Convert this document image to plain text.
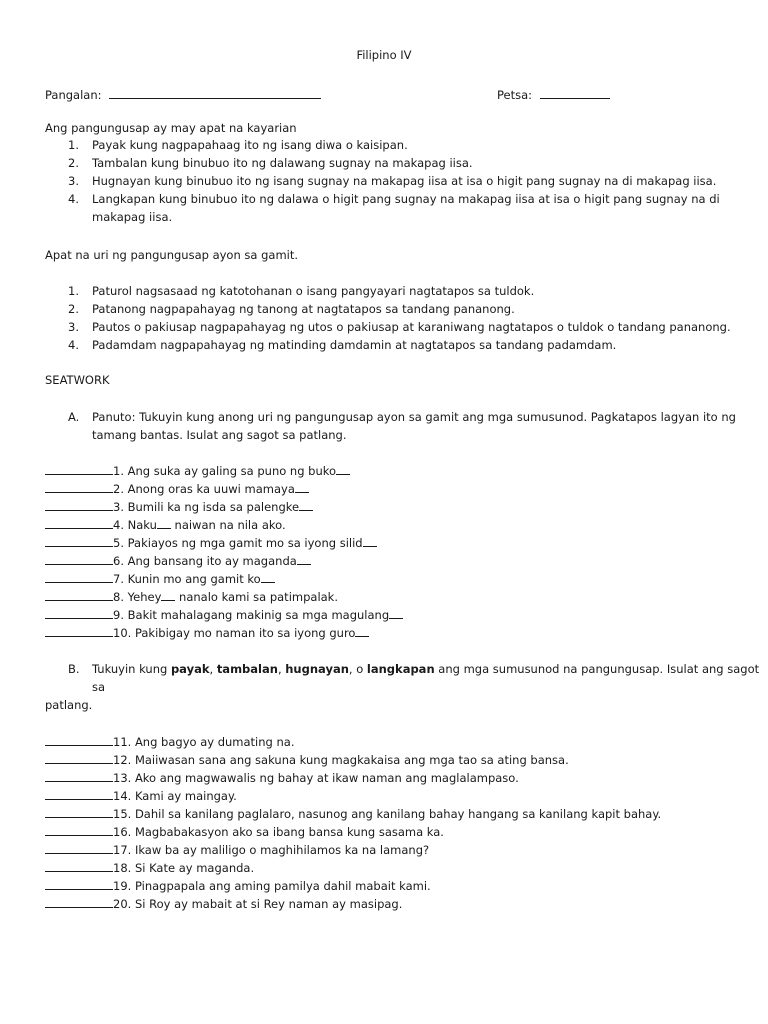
Filipino IV
Pangalan:	Petsa:
Ang pangungusap ay may apat na kayarian
1. Payak kung nagpapahaag ito ng isang diwa o kaisipan.
2. Tambalan kung binubuo ito ng dalawang sugnay na makapag iisa.
3. Hugnayan kung binubuo ito ng isang sugnay na makapag iisa at isa o higit pang sugnay na di makapag iisa.
4. Langkapan kung binubuo ito ng dalawa o higit pang sugnay na makapag iisa at isa o higit pang sugnay na di
makapag iisa.
Apat na uri ng pangungusap ayon sa gamit.
1. Paturol nagsasaad ng katotohanan o isang pangyayari nagtatapos sa tuldok.
2. Patanong nagpapahayag ng tanong at nagtatapos sa tandang pananong.
3. Pautos o pakiusap nagpapahayag ng utos o pakiusap at karaniwang nagtatapos o tuldok o tandang pananong.
4. Padamdam nagpapahayag ng matinding damdamin at nagtatapos sa tandang padamdam.
SEATWORK
A. Panuto: Tukuyin kung anong uri ng pangungusap ayon sa gamit ang mga sumusunod. Pagkatapos lagyan ito ng
tamang bantas. Isulat ang sagot sa patlang.
1. Ang suka ay galing sa puno ng buko
2. Anong oras ka uuwi mamaya
3. Bumili ka ng isda sa palengke
4. Naku naiwan na nila ako.
5. Pakiayos ng mga gamit mo sa iyong silid
6. Ang bansang ito ay maganda
7. Kunin mo ang gamit ko
8. Yehey nanalo kami sa patimpalak.
9. Bakit mahalagang makinig sa mga magulang
10. Pakibigay mo naman ito sa iyong guro
B. Tukuyin kung payak, tambalan, hugnayan, o langkapan ang mga sumusunod na pangungusap. Isulat ang sagot
sa
patlang.
11. Ang bagyo ay dumating na.
12. Maiiwasan sana ang sakuna kung magkakaisa ang mga tao sa ating bansa.
13. Ako ang magwawalis ng bahay at ikaw naman ang maglalampaso.
14. Kami ay maingay.
15. Dahil sa kanilang paglalaro, nasunog ang kanilang bahay hangang sa kanilang kapit bahay.
16. Magbabakasyon ako sa ibang bansa kung sasama ka.
17. Ikaw ba ay maliligo o maghihilamos ka na lamang?
18. Si Kate ay maganda.
19. Pinagpapala ang aming pamilya dahil mabait kami.
20. Si Roy ay mabait at si Rey naman ay masipag.
